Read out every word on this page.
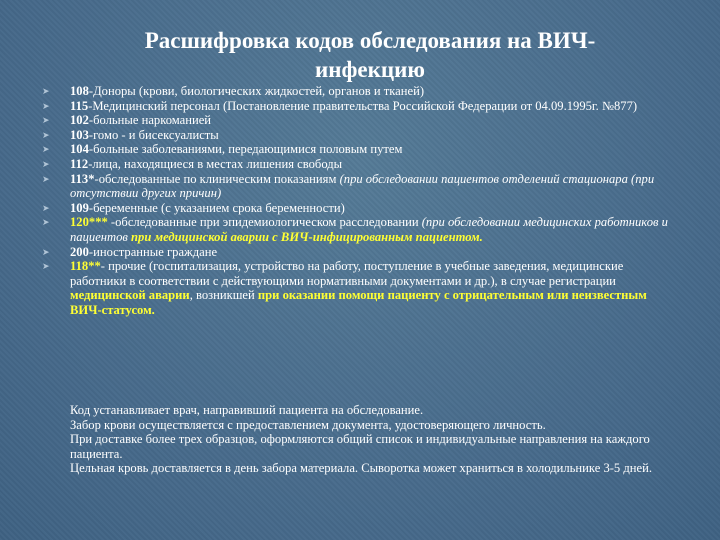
Расшифровка кодов обследования на ВИЧ-инфекцию
➤ 108-Доноры (крови, биологических жидкостей, органов и тканей)
➤ 115-Медицинский персонал (Постановление правительства Российской Федерации от 04.09.1995г. №877)
➤ 102-больные наркоманией
➤ 103-гомо - и бисексуалисты
➤ 104-больные заболеваниями, передающимися половым путем
➤ 112-лица, находящиеся в местах лишения свободы
➤ 113*-обследованные по клиническим показаниям (при обследовании пациентов отделений стационара (при отсутствии других причин)
➤ 109-беременные (с указанием срока беременности)
➤ 120*** -обследованные при эпидемиологическом расследовании (при обследовании медицинских работников и пациентов при медицинской аварии с ВИЧ-инфицированным пациентом.
➤ 200-иностранные граждане
➤ 118**- прочие (госпитализация, устройство на работу, поступление в учебные заведения, медицинские работники в соответствии с действующими нормативными документами и др.), в случае регистрации медицинской аварии, возникшей при оказании помощи пациенту с отрицательным или неизвестным ВИЧ-статусом.

Код устанавливает врач, направивший пациента на обследование.

Забор крови осуществляется с предоставлением документа, удостоверяющего личность.

При доставке более трех образцов, оформляются общий список и индивидуальные направления на каждого пациента.

Цельная кровь доставляется в день забора материала. Сыворотка может храниться в холодильнике 3-5 дней.
